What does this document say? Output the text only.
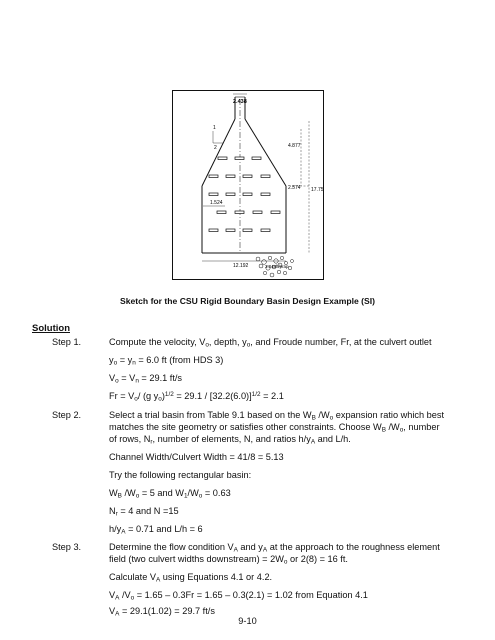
2.438
1
2	4.877
2.574 17.75
1.524
12.192	3.048ft/prap
Sketch for the CSU Rigid Boundary Basin Design Example (SI)
Solution
Step 1.	Compute the velocity, $V_o$, depth, $y_o$, and Froude number, Fr, at the culvert outlet
$y_o = y_n = 6.0$ ft (from HDS 3)
$V_o = V_n = 29.1$ ft/s
$Fr = V_o/$ (g $y_o)^{1/2} = 29.1 / [32.2(6.0)]^{1/2} = 2.1$
Step 2.	Select a trial basin from Table 9.1 based on the $W_B$ $/W_o$ expansion ratio which best
matches the site geometry or satisfies other constraints. Choose $W_B$ $/W_o$, number
of rows, $N_r$, number of elements, N, and ratios $h/y_A$ and L/h.
Channel Width/Culvert Width = 41/8 = 5.13
Try the following rectangular basin:
$W_B$ $/W_o = 5$ and $W_1/W_o = 0.63$
$N_r = 4$ and N =15
$h/y_A = 0.71$ and L/h = 6
Step 3.	Determine the flow condition $V_A$ and $y_A$ at the approach to the roughness element
field (two culvert widths downstream) = $2W_o$ or 2(8) = 16 ft.
Calculate $V_A$ using Equations 4.1 or 4.2.
$V_A$ $/V_o = 1.65 - 0.3Fr = 1.65 - 0.3(2.1) = 1.02$ from Equation 4.1
$V_A = 29.1(1.02) = 29.7$ ft/s
9-10
